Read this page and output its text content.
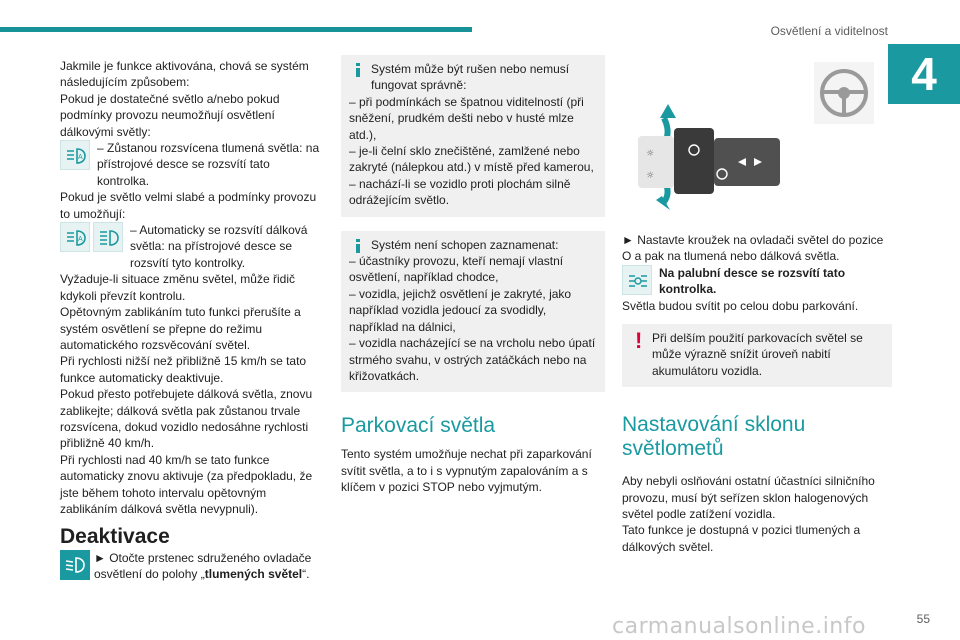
Osvětlení a viditelnost
4

Jakmile je funkce aktivována, chová se systém následujícím způsobem:

Pokud je dostatečné světlo a/nebo pokud podmínky provozu neumožňují osvětlení dálkovými světly:

A
– Zůstanou rozsvícena tlumená světla: na přístrojové desce se rozsvítí tato kontrolka.

Pokud je světlo velmi slabé a podmínky provozu to umožňují:

A
– Automaticky se rozsvítí dálková světla: na přístrojové desce se rozsvítí tyto kontrolky.

Vyžaduje-li situace změnu světel, může řidič kdykoli převzít kontrolu.

Opětovným zablikáním tuto funkci přerušíte a systém osvětlení se přepne do režimu automatického rozsvěcování světel.

Při rychlosti nižší než přibližně 15 km/h se tato funkce automaticky deaktivuje.

Pokud přesto potřebujete dálková světla, znovu zablikejte; dálková světla pak zůstanou trvale rozsvícena, dokud vozidlo nedosáhne rychlosti přibližně 40 km/h.

Při rychlosti nad 40 km/h se tato funkce automaticky znovu aktivuje (za předpokladu, že jste během tohoto intervalu opětovným zablikáním dálková světla nevypnuli).

Deaktivace
► Otočte prstenec sdruženého ovladače osvětlení do polohy „tlumených světel“.

Systém může být rušen nebo nemusí fungovat správně:

– při podmínkách se špatnou viditelností (při sněžení, prudkém dešti nebo v husté mlze atd.),
– je-li čelní sklo znečištěné, zamlžené nebo zakryté (nálepkou atd.) v místě před kamerou,
– nachází-li se vozidlo proti plochám silně odrážejícím světlo.

Systém není schopen zaznamenat:

– účastníky provozu, kteří nemají vlastní osvětlení, například chodce,
– vozidla, jejichž osvětlení je zakryté, jako například vozidla jedoucí za svodidly, například na dálnici,
– vozidla nacházející se na vrcholu nebo úpatí strmého svahu, v ostrých zatáčkách nebo na křižovatkách.

Parkovací světla

Tento systém umožňuje nechat při zaparkování svítit světla, a to i s vypnutým zapalováním a s klíčem v pozici STOP nebo vyjmutým.

☼
☼

► Nastavte kroužek na ovladači světel do pozice O a pak na tlumená nebo dálková světla.

Na palubní desce se rozsvítí tato kontrolka.

Světla budou svítit po celou dobu parkování.

! Při delším použití parkovacích světel se může výrazně snížit úroveň nabití akumulátoru vozidla.

Nastavování sklonu světlometů

Aby nebyli oslňováni ostatní účastníci silničního provozu, musí být seřízen sklon halogenových světel podle zatížení vozidla.

Tato funkce je dostupná v pozici tlumených a dálkových světel.

carmanualsonline.info	55
